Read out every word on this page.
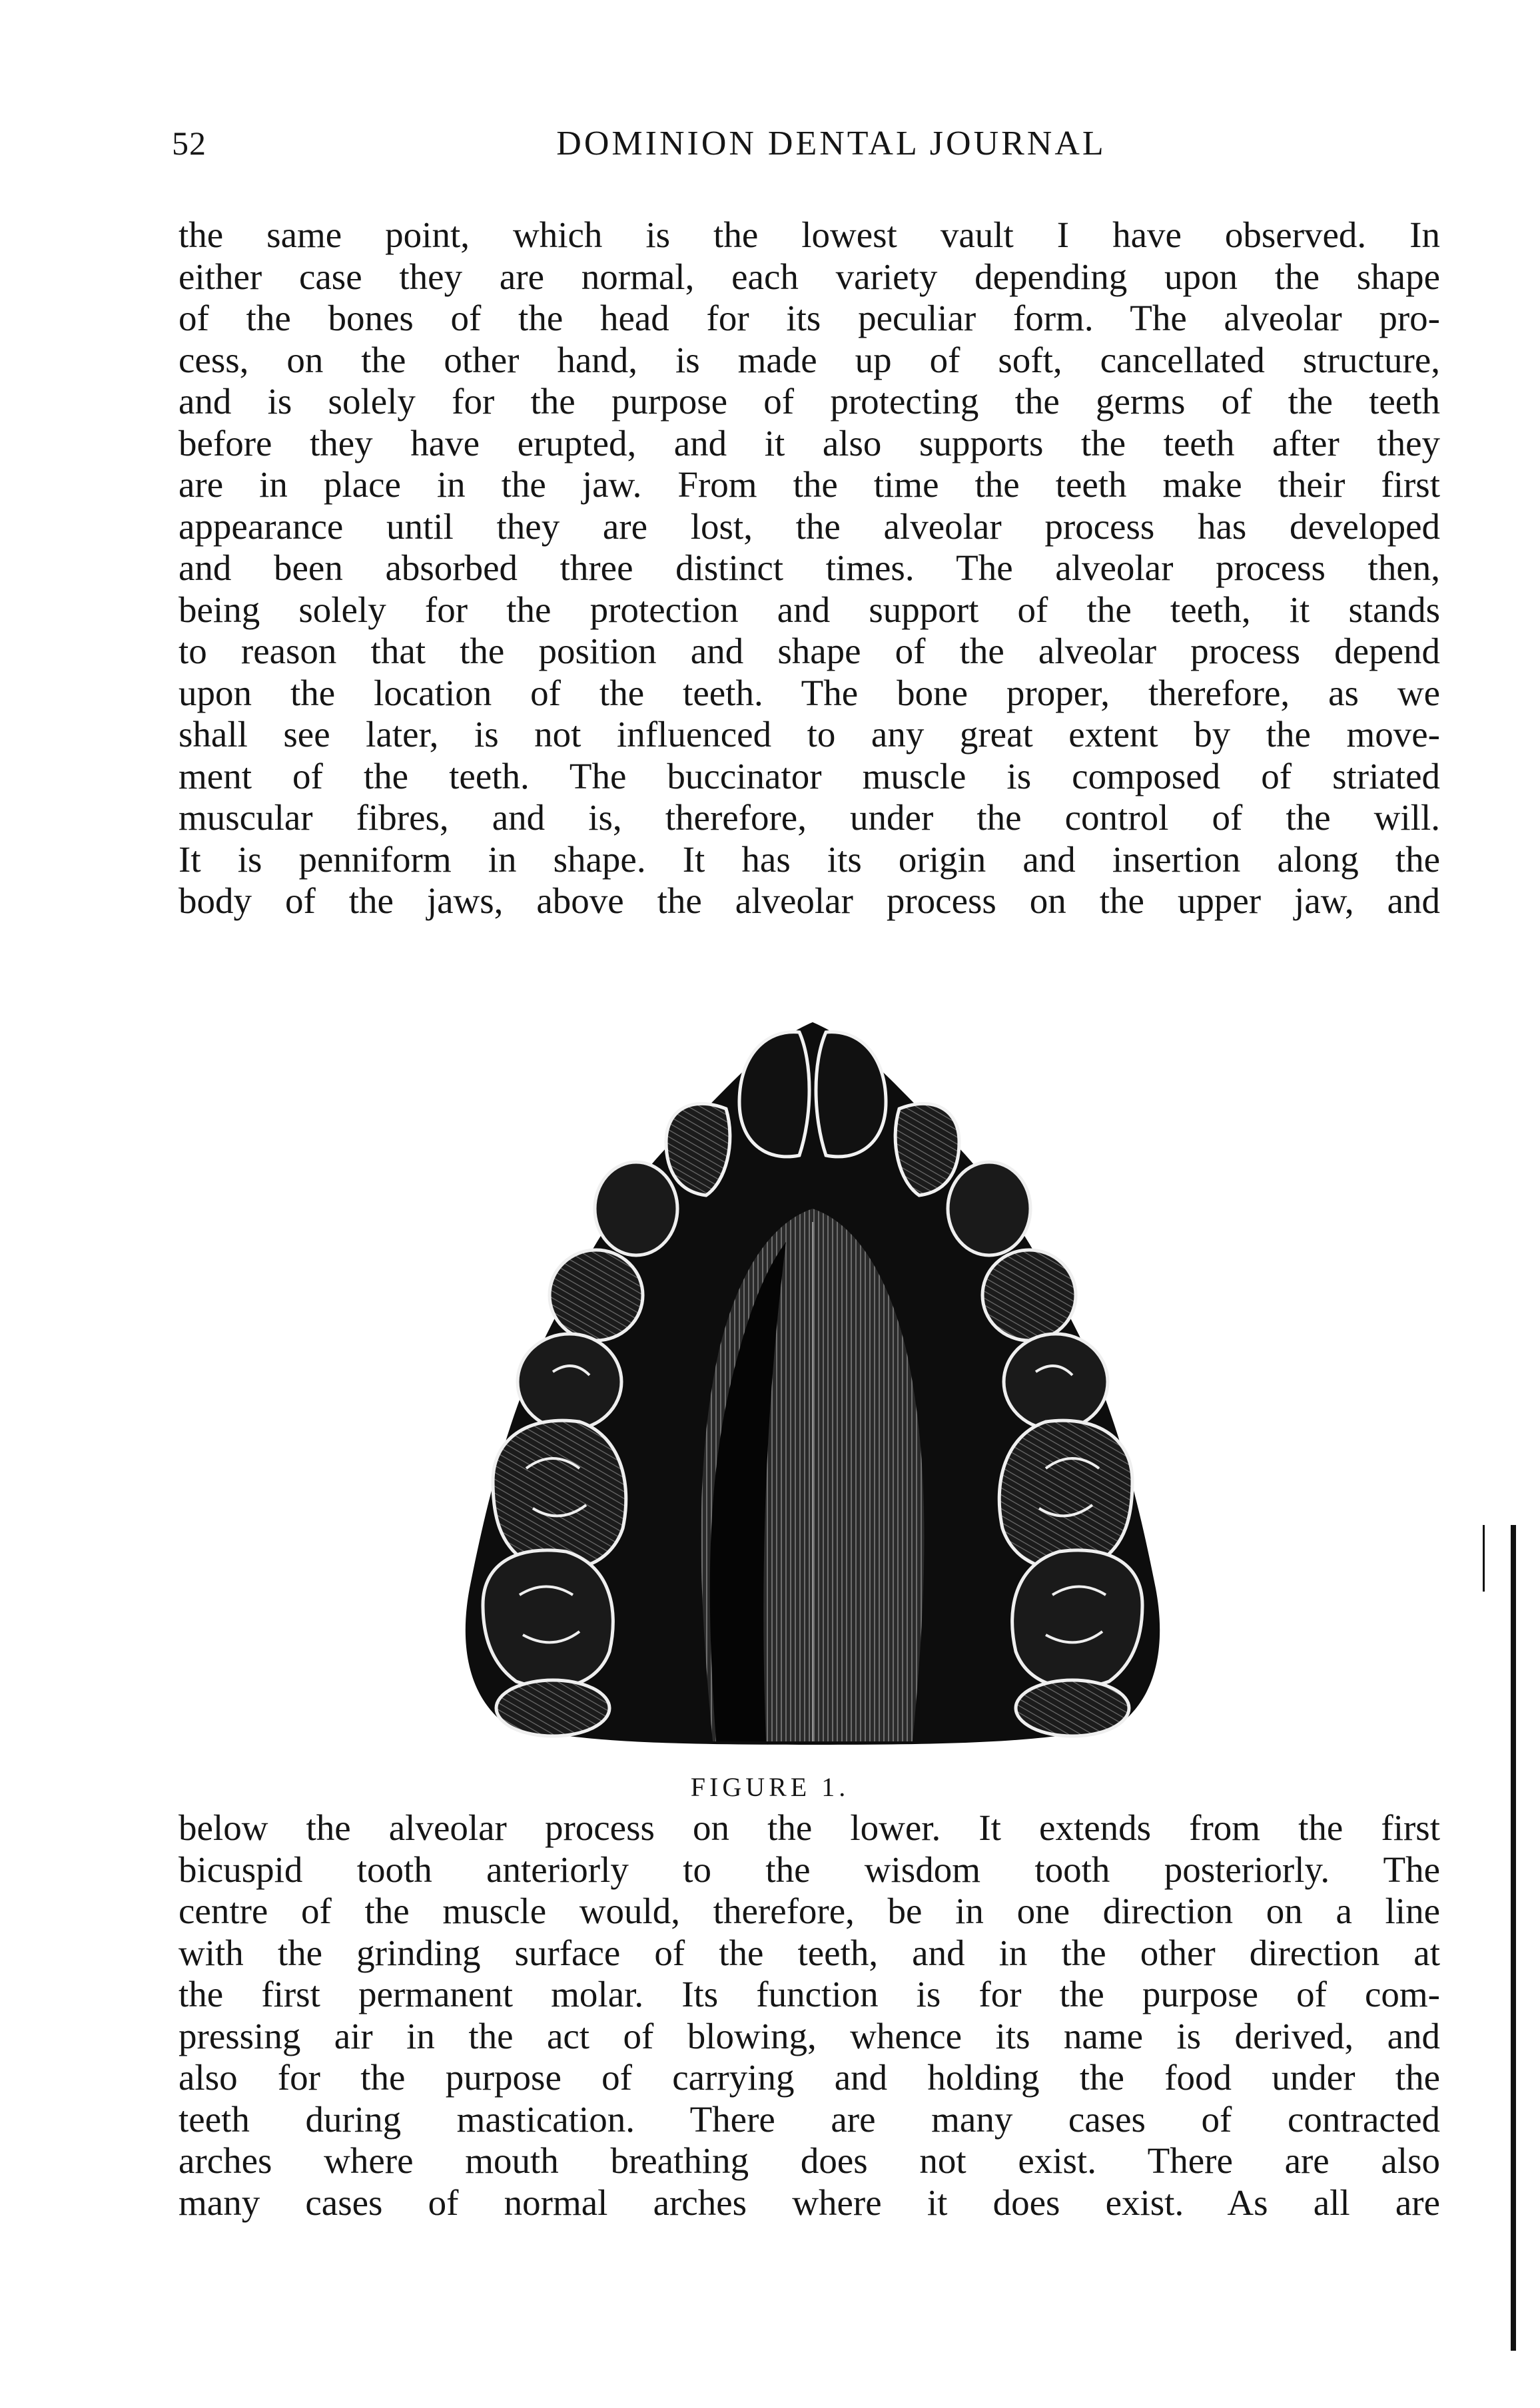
52	DOMINION DENTAL JOURNAL

the same point, which is the lowest vault I have observed. In
either case they are normal, each variety depending upon the shape
of the bones of the head for its peculiar form. The alveolar pro-
cess, on the other hand, is made up of soft, cancellated structure,
and is solely for the purpose of protecting the germs of the teeth
before they have erupted, and it also supports the teeth after they
are in place in the jaw. From the time the teeth make their first
appearance until they are lost, the alveolar process has developed
and been absorbed three distinct times. The alveolar process then,
being solely for the protection and support of the teeth, it stands
to reason that the position and shape of the alveolar process depend
upon the location of the teeth. The bone proper, therefore, as we
shall see later, is not influenced to any great extent by the move-
ment of the teeth. The buccinator muscle is composed of striated
muscular fibres, and is, therefore, under the control of the will.
It is penniform in shape. It has its origin and insertion along the
body of the jaws, above the alveolar process on the upper jaw, and

FIGURE 1.

below the alveolar process on the lower. It extends from the first
bicuspid tooth anteriorly to the wisdom tooth posteriorly. The
centre of the muscle would, therefore, be in one direction on a line
with the grinding surface of the teeth, and in the other direction at
the first permanent molar. Its function is for the purpose of com-
pressing air in the act of blowing, whence its name is derived, and
also for the purpose of carrying and holding the food under the
teeth during mastication. There are many cases of contracted
arches where mouth breathing does not exist. There are also
many cases of normal arches where it does exist. As all are
